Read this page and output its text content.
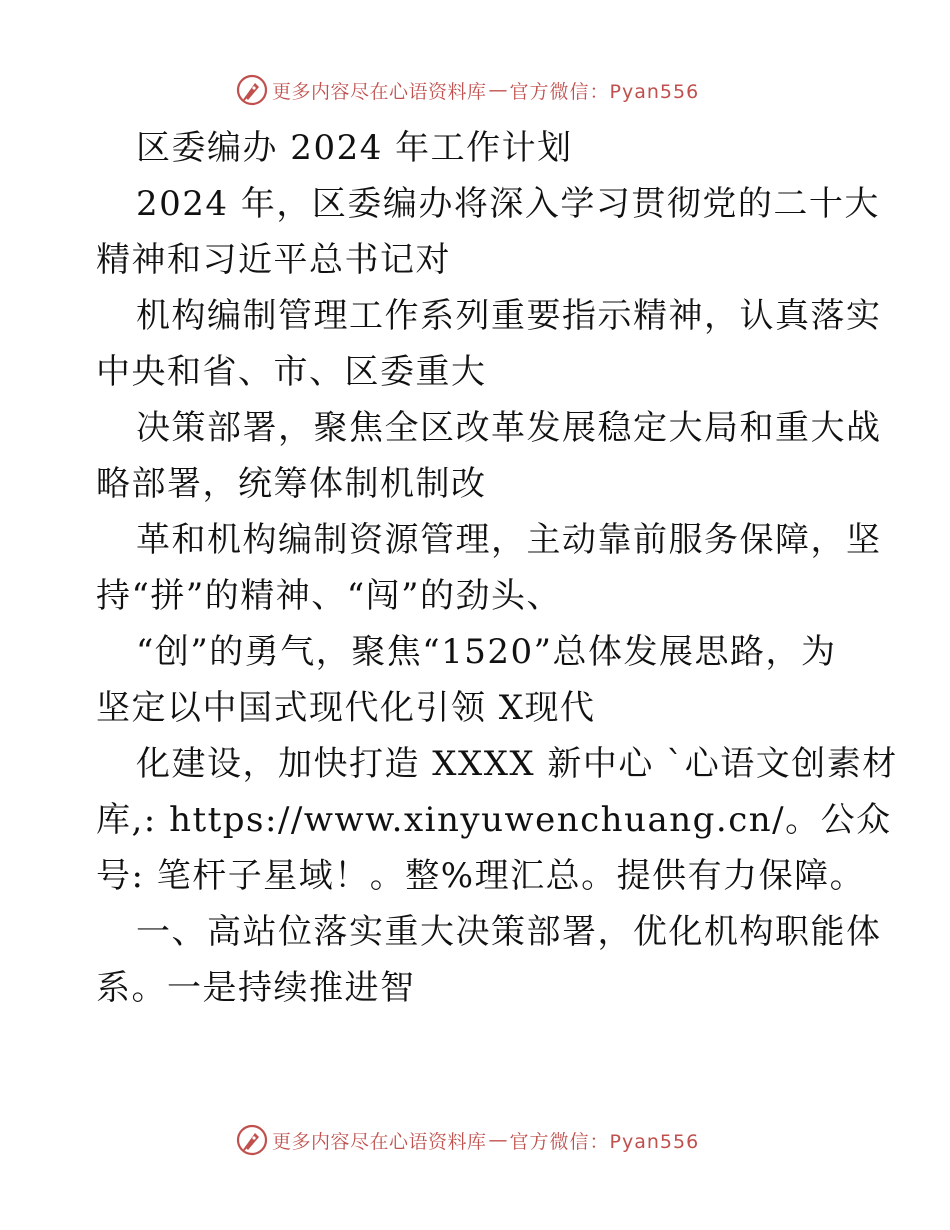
更多内容尽在心语资料库 — 官方微信：Pyan556
区委编办 2024 年工作计划
2024 年，区委编办将深入学习贯彻党的二十大
精神和习近平总书记对
机构编制管理工作系列重要指示精神，认真落实
中央和省、市、区委重大
决策部署，聚焦全区改革发展稳定大局和重大战
略部署，统筹体制机制改
革和机构编制资源管理，主动靠前服务保障，坚
持“拼”的精神、“闯”的劲头、
“创”的勇气，聚焦“1520”总体发展思路，为
坚定以中国式现代化引领 X现代
化建设，加快打造 XXXX 新中心 `心语文创素材
库,: https://www.xinyuwenchuang.cn/。公众
号: 笔杆子星域！。整%理汇总。提供有力保障。
一、高站位落实重大决策部署，优化机构职能体
系。一是持续推进智
更多内容尽在心语资料库 — 官方微信：Pyan556
